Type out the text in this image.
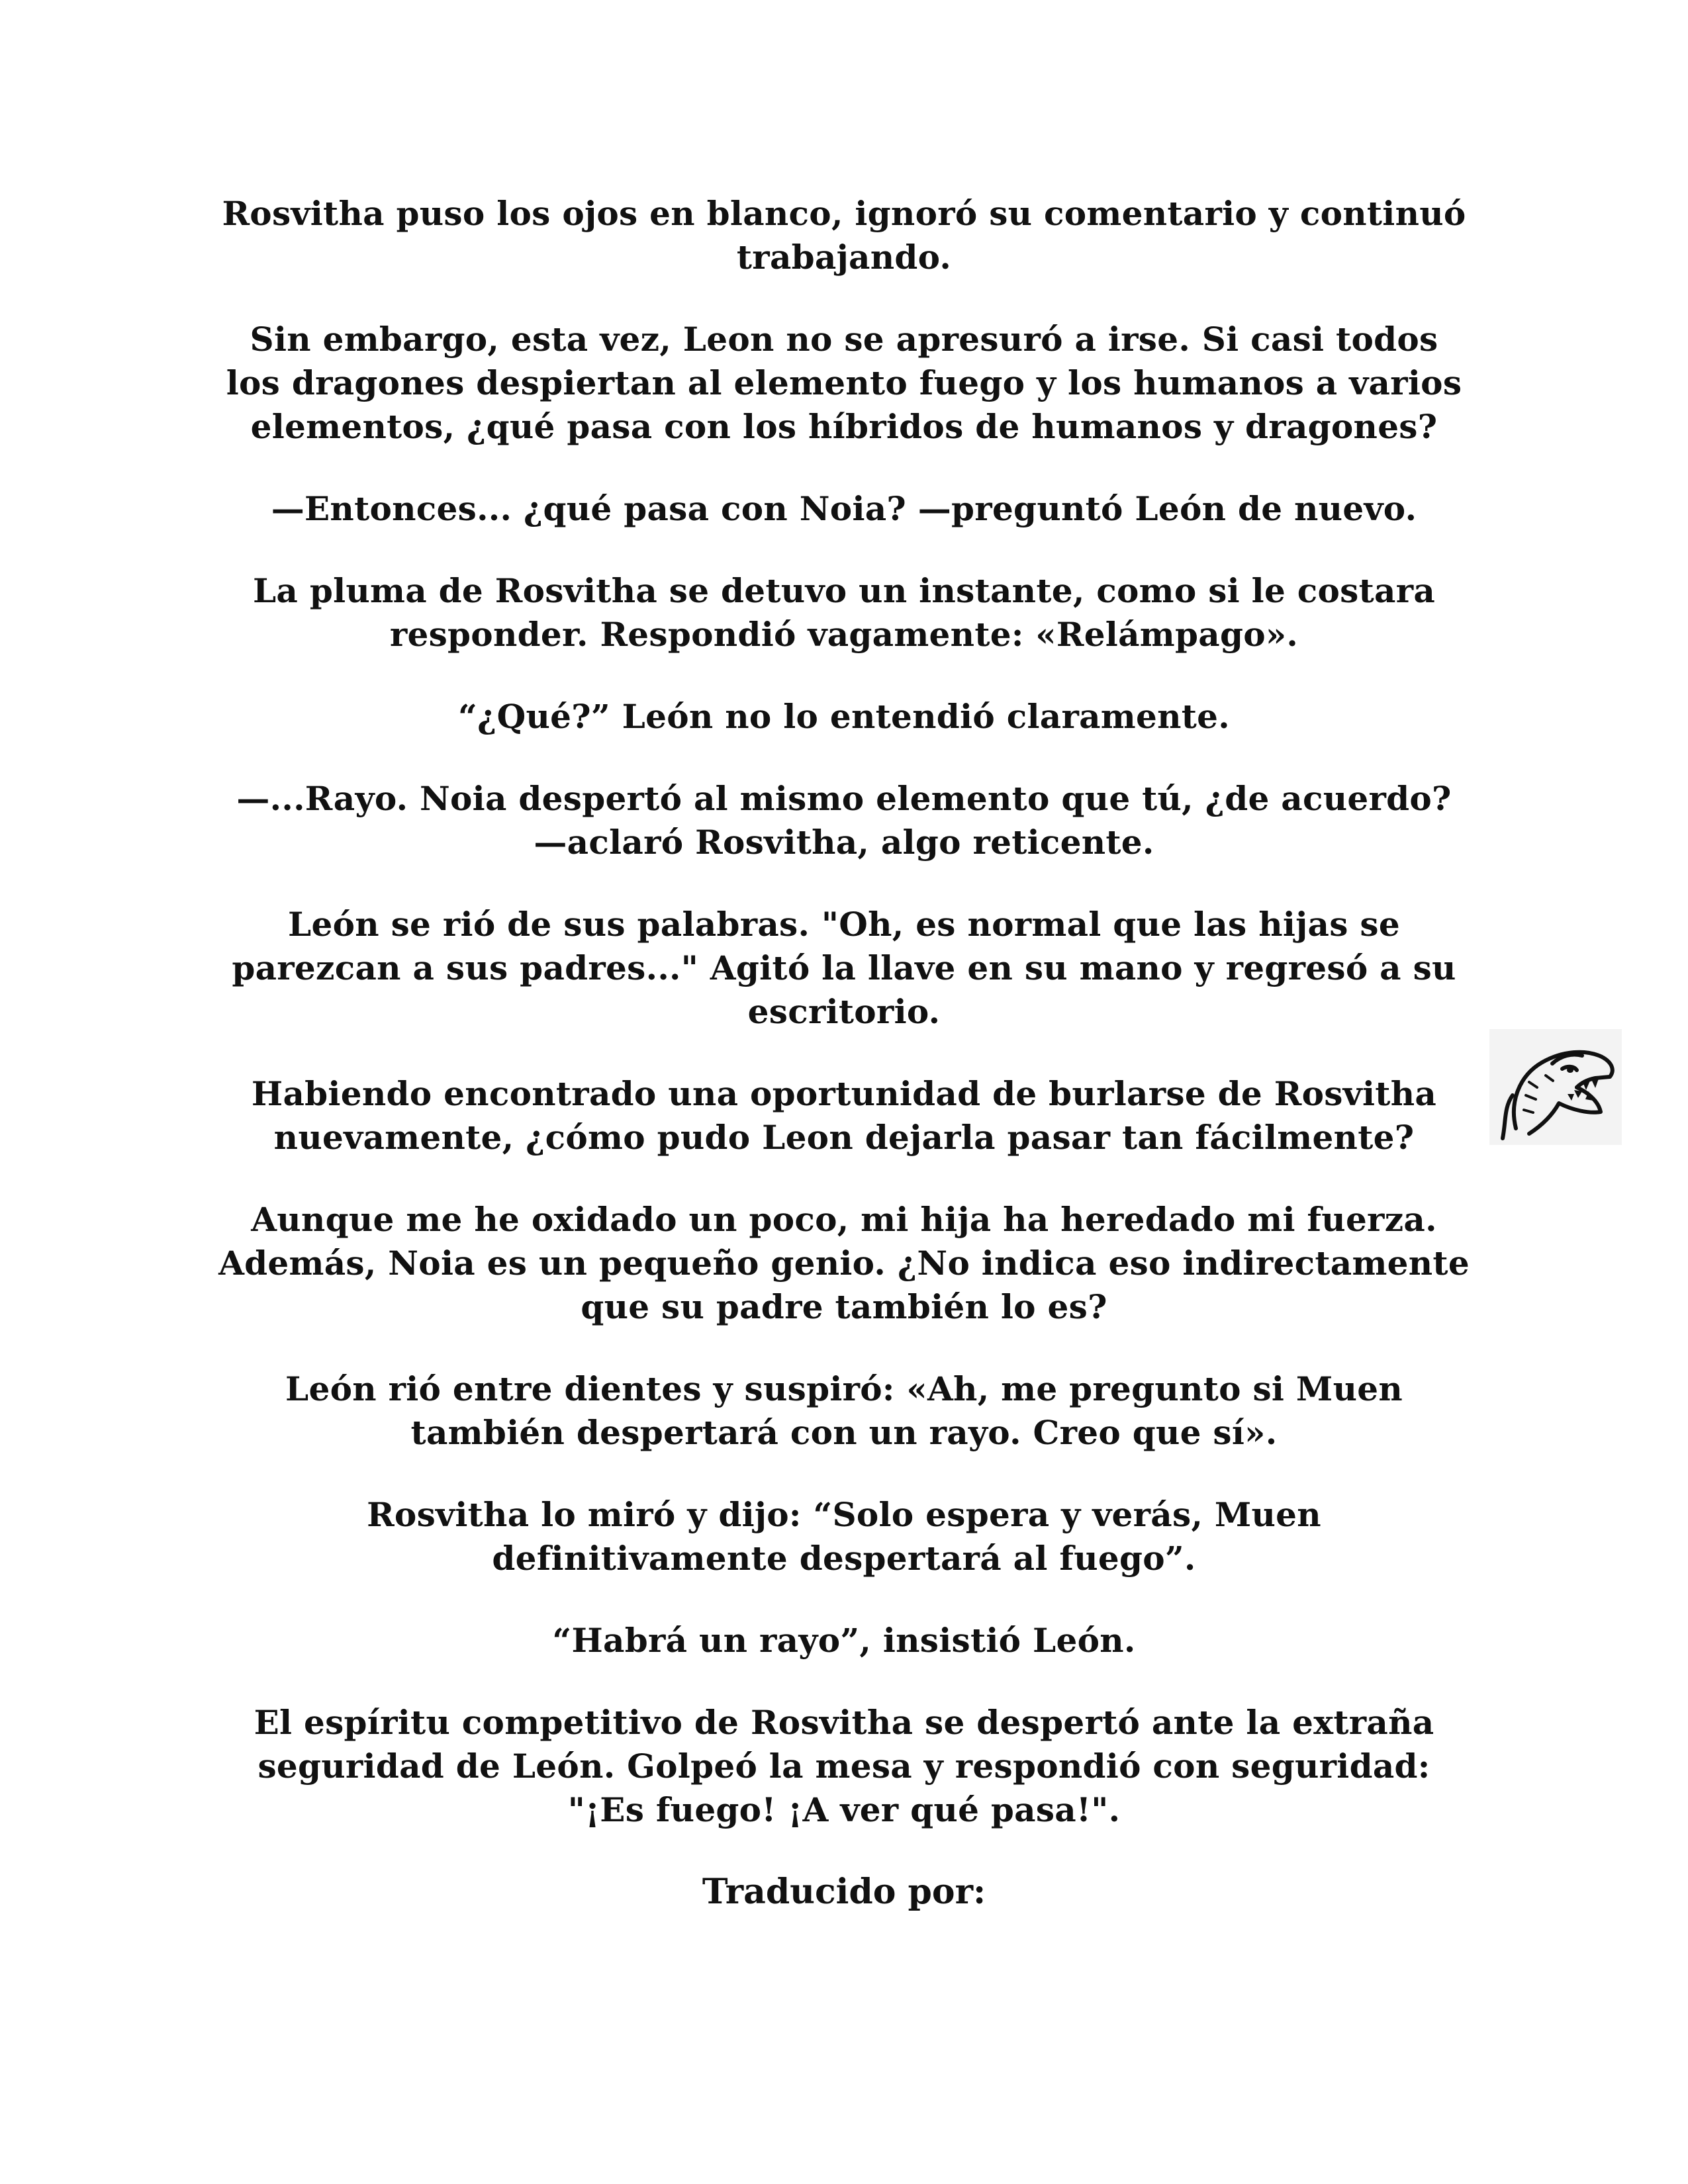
Rosvitha puso los ojos en blanco, ignoró su comentario y continuó trabajando.

Sin embargo, esta vez, Leon no se apresuró a irse. Si casi todos los dragones despiertan al elemento fuego y los humanos a varios elementos, ¿qué pasa con los híbridos de humanos y dragones?

—Entonces... ¿qué pasa con Noia? —preguntó León de nuevo.

La pluma de Rosvitha se detuvo un instante, como si le costara responder. Respondió vagamente: «Relámpago».

“¿Qué?” León no lo entendió claramente.

—...Rayo. Noia despertó al mismo elemento que tú, ¿de acuerdo? —aclaró Rosvitha, algo reticente.

León se rió de sus palabras. "Oh, es normal que las hijas se parezcan a sus padres..." Agitó la llave en su mano y regresó a su escritorio.

Habiendo encontrado una oportunidad de burlarse de Rosvitha nuevamente, ¿cómo pudo Leon dejarla pasar tan fácilmente?

Aunque me he oxidado un poco, mi hija ha heredado mi fuerza. Además, Noia es un pequeño genio. ¿No indica eso indirectamente que su padre también lo es?

León rió entre dientes y suspiró: «Ah, me pregunto si Muen también despertará con un rayo. Creo que sí».

Rosvitha lo miró y dijo: “Solo espera y verás, Muen definitivamente despertará al fuego”.

“Habrá un rayo”, insistió León.

El espíritu competitivo de Rosvitha se despertó ante la extraña seguridad de León. Golpeó la mesa y respondió con seguridad: "¡Es fuego! ¡A ver qué pasa!".

Traducido por:
